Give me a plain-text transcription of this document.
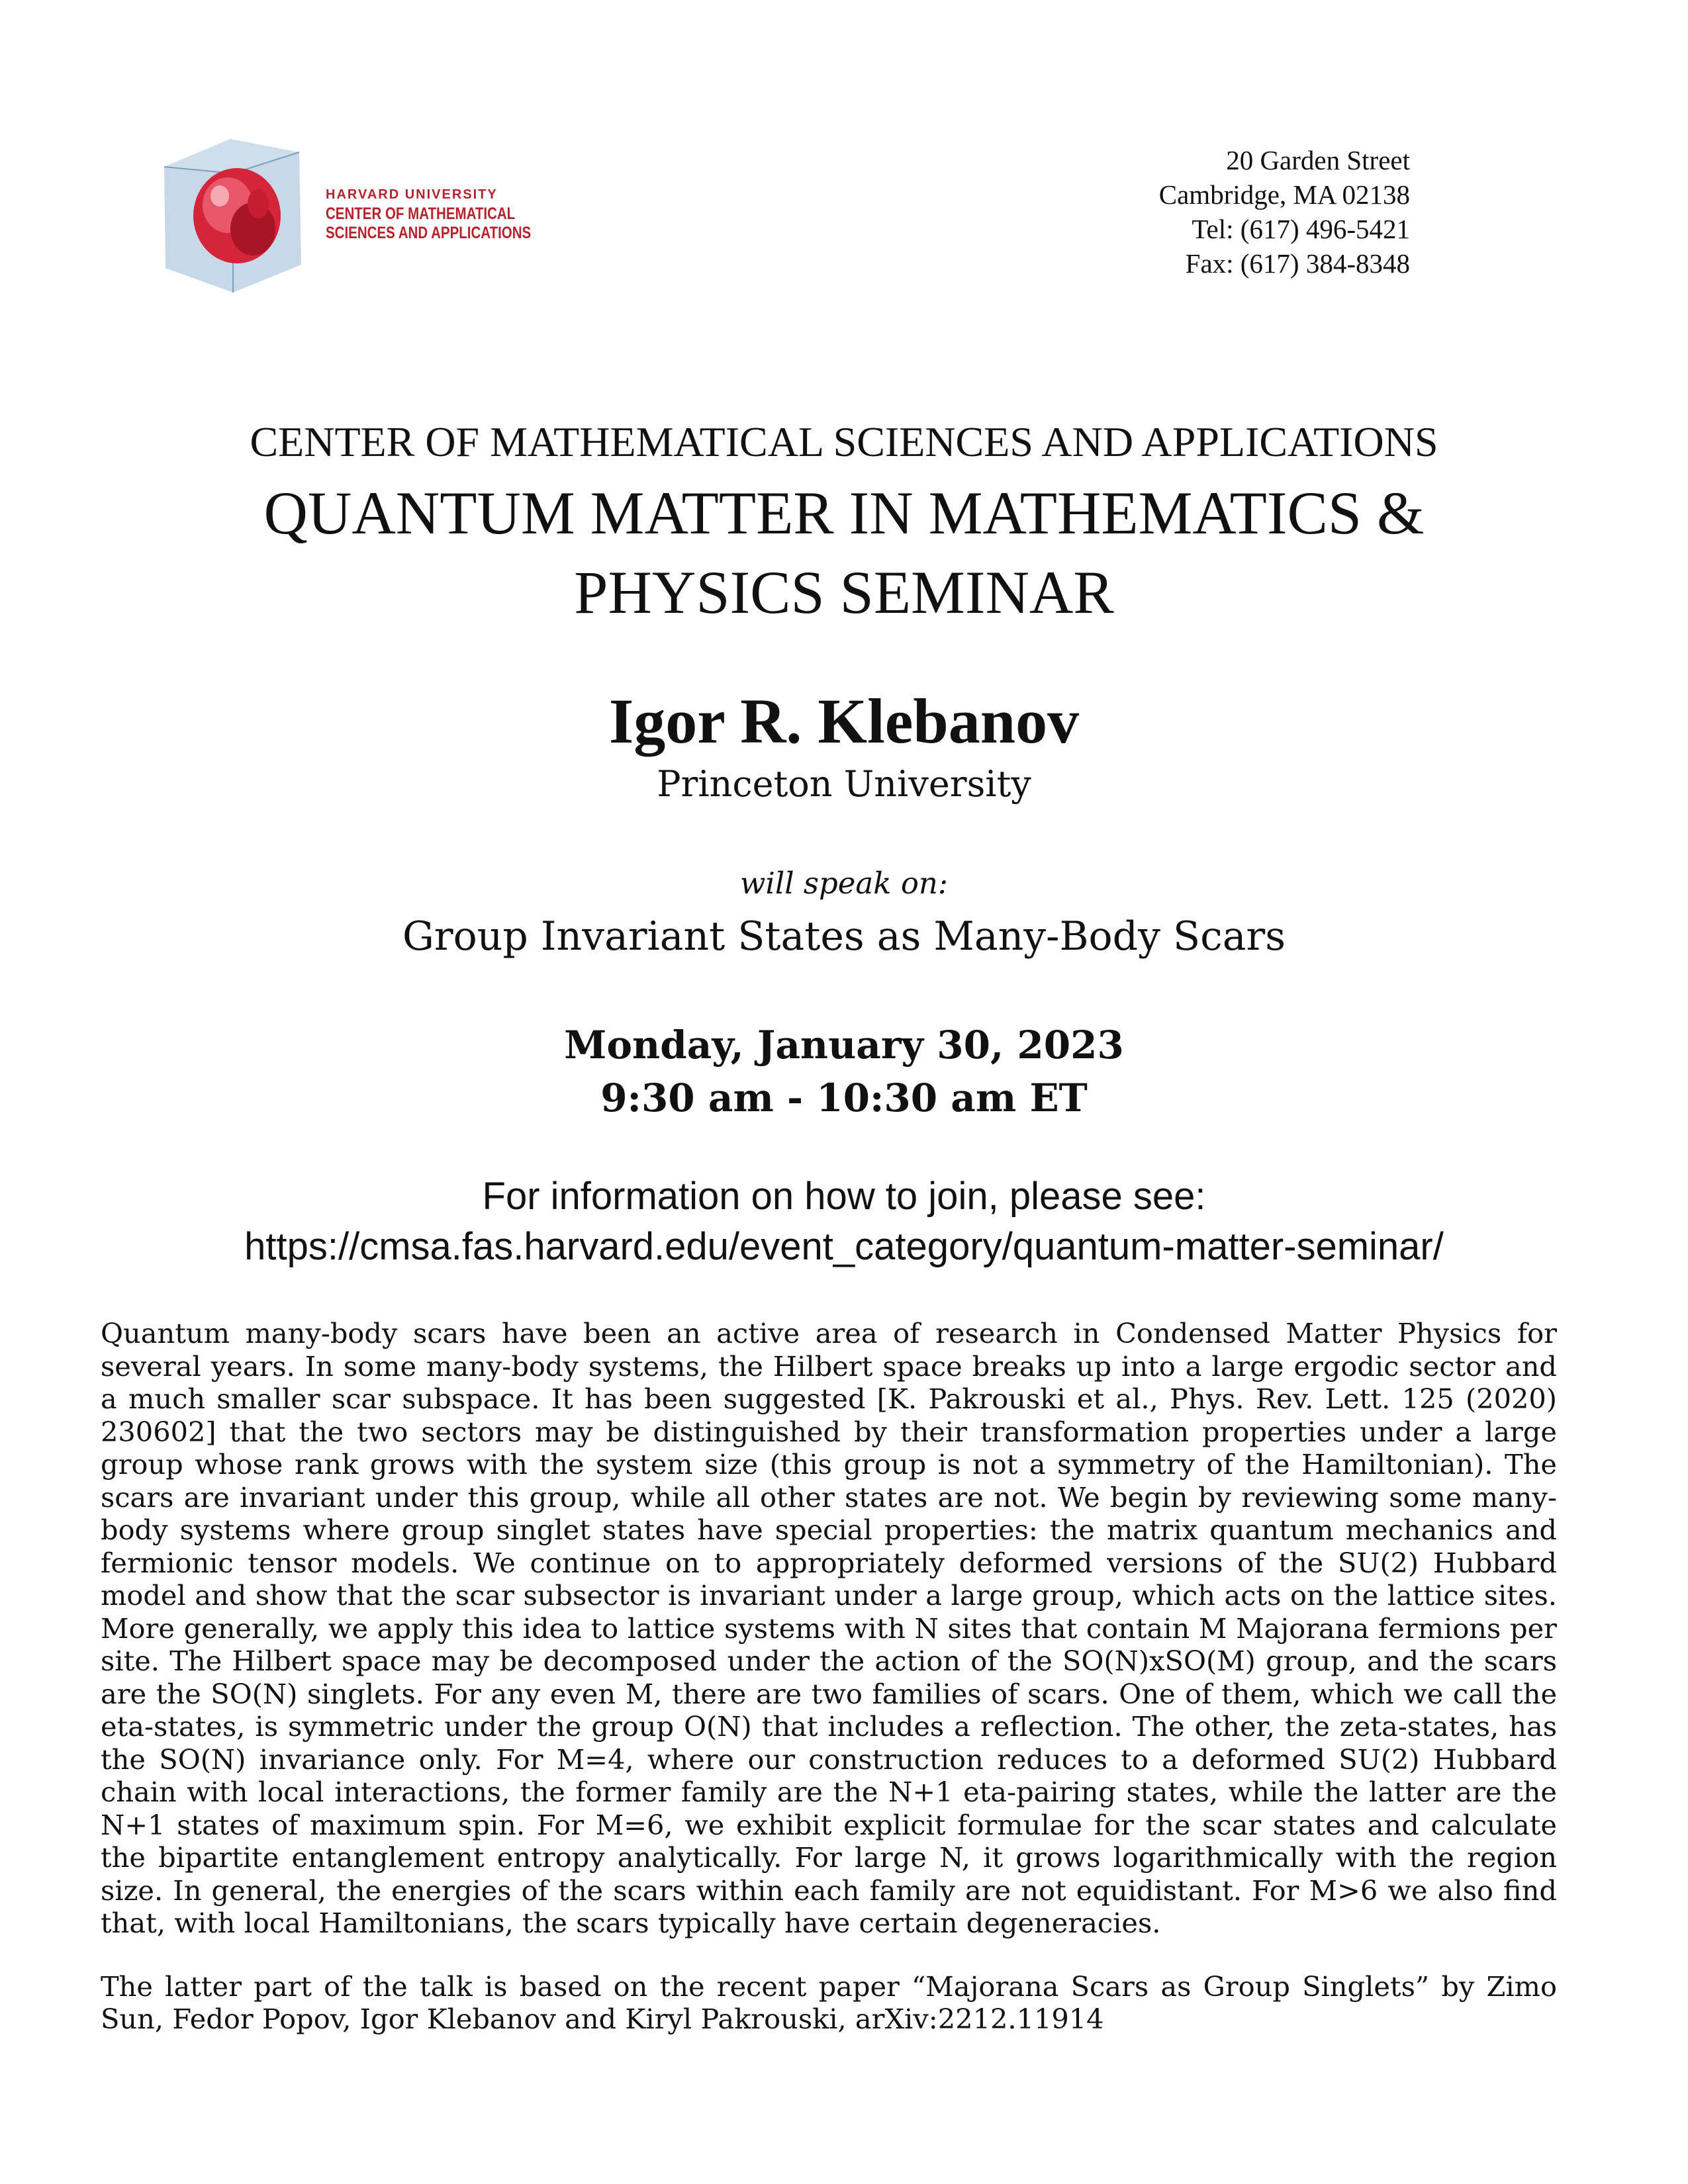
HARVARD UNIVERSITY
CENTER OF MATHEMATICAL
SCIENCES AND APPLICATIONS
20 Garden Street
Cambridge, MA 02138
Tel: (617) 496-5421
Fax: (617) 384-8348
CENTER OF MATHEMATICAL SCIENCES AND APPLICATIONS
QUANTUM MATTER IN MATHEMATICS &
PHYSICS SEMINAR
Igor R. Klebanov
Princeton University
will speak on:
Group Invariant States as Many-Body Scars
Monday, January 30, 2023
9:30 am - 10:30 am ET
For information on how to join, please see:
https://cmsa.fas.harvard.edu/event_category/quantum-matter-seminar/

Quantum many-body scars have been an active area of research in Condensed Matter Physics for several years. In some many-body systems, the Hilbert space breaks up into a large ergodic sector and a much smaller scar subspace. It has been suggested [K. Pakrouski et al., Phys. Rev. Lett. 125 (2020) 230602] that the two sectors may be distinguished by their transformation properties under a large group whose rank grows with the system size (this group is not a symmetry of the Hamiltonian). The scars are invariant under this group, while all other states are not. We begin by reviewing some many-body systems where group singlet states have special properties: the matrix quantum mechanics and fermionic tensor models. We continue on to appropriately deformed versions of the SU(2) Hubbard model and show that the scar subsector is invariant under a large group, which acts on the lattice sites. More generally, we apply this idea to lattice systems with N sites that contain M Majorana fermions per site. The Hilbert space may be decomposed under the action of the SO(N)xSO(M) group, and the scars are the SO(N) singlets. For any even M, there are two families of scars. One of them, which we call the eta-states, is symmetric under the group O(N) that includes a reflection. The other, the zeta-states, has the SO(N) invariance only. For M=4, where our construction reduces to a deformed SU(2) Hubbard chain with local interactions, the former family are the N+1 eta-pairing states, while the latter are the N+1 states of maximum spin. For M=6, we exhibit explicit formulae for the scar states and calculate the bipartite entanglement entropy analytically. For large N, it grows logarithmically with the region size. In general, the energies of the scars within each family are not equidistant. For M>6 we also find that, with local Hamiltonians, the scars typically have certain degeneracies.

The latter part of the talk is based on the recent paper “Majorana Scars as Group Singlets” by Zimo Sun, Fedor Popov, Igor Klebanov and Kiryl Pakrouski, arXiv:2212.11914
